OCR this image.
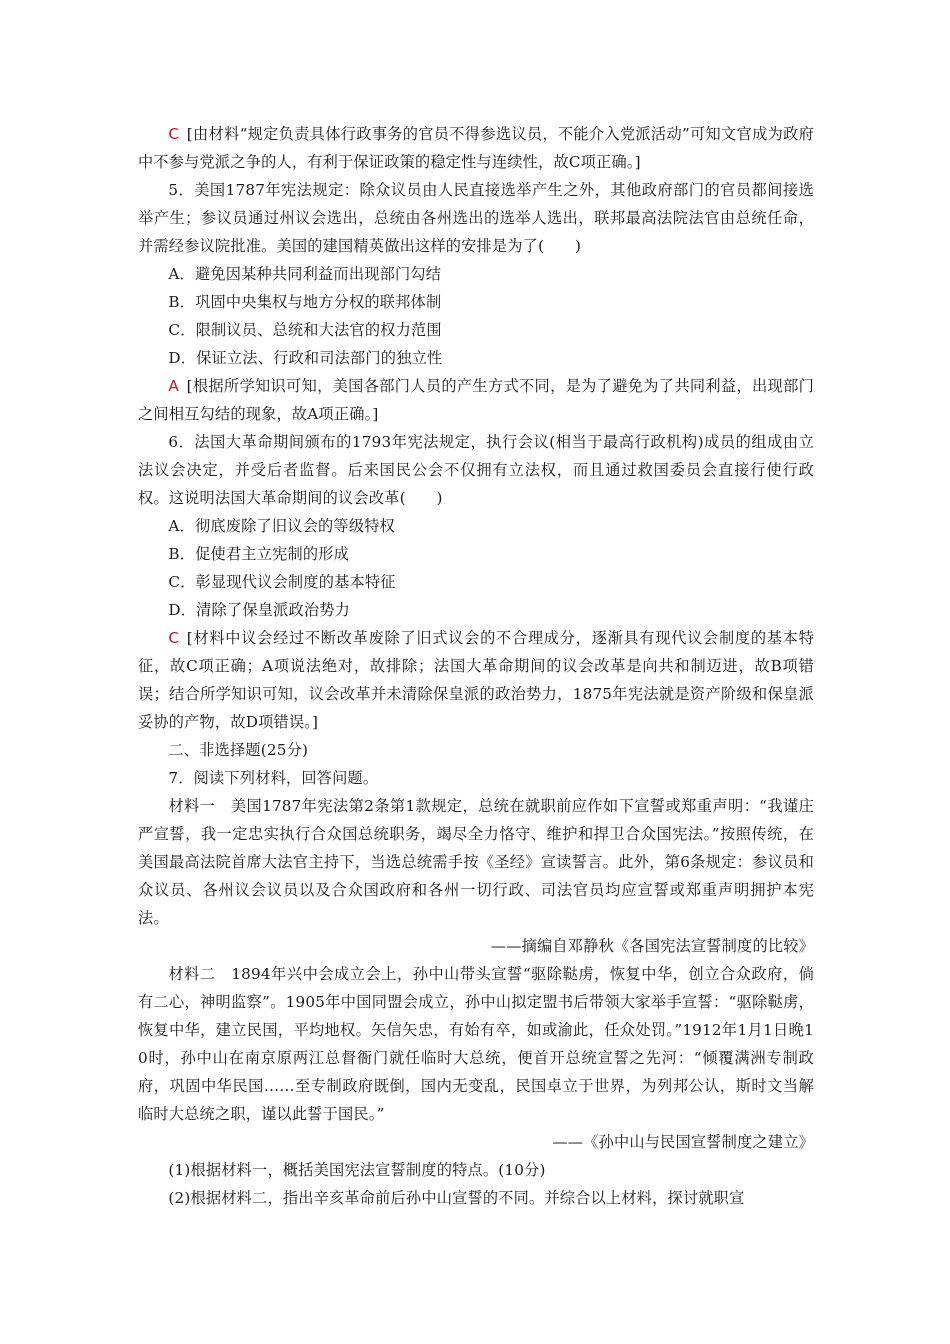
C [由材料“规定负责具体行政事务的官员不得参选议员，不能介入党派活动”可知文官成为政府中不参与党派之争的人，有利于保证政策的稳定性与连续性，故C项正确。]

5．美国1787年宪法规定：除众议员由人民直接选举产生之外，其他政府部门的官员都间接选举产生；参议员通过州议会选出，总统由各州选出的选举人选出，联邦最高法院法官由总统任命，并需经参议院批准。美国的建国精英做出这样的安排是为了(　　)

A．避免因某种共同利益而出现部门勾结

B．巩固中央集权与地方分权的联邦体制

C．限制议员、总统和大法官的权力范围

D．保证立法、行政和司法部门的独立性

A [根据所学知识可知，美国各部门人员的产生方式不同，是为了避免为了共同利益，出现部门之间相互勾结的现象，故A项正确。]

6．法国大革命期间颁布的1793年宪法规定，执行会议(相当于最高行政机构)成员的组成由立法议会决定，并受后者监督。后来国民公会不仅拥有立法权，而且通过救国委员会直接行使行政权。这说明法国大革命期间的议会改革(　　)

A．彻底废除了旧议会的等级特权

B．促使君主立宪制的形成

C．彰显现代议会制度的基本特征

D．清除了保皇派政治势力

C [材料中议会经过不断改革废除了旧式议会的不合理成分，逐渐具有现代议会制度的基本特征，故C项正确；A项说法绝对，故排除；法国大革命期间的议会改革是向共和制迈进，故B项错误；结合所学知识可知，议会改革并未清除保皇派的政治势力，1875年宪法就是资产阶级和保皇派妥协的产物，故D项错误。]

二、非选择题(25分)

7．阅读下列材料，回答问题。

材料一　美国1787年宪法第2条第1款规定，总统在就职前应作如下宣誓或郑重声明：“我谨庄严宣誓，我一定忠实执行合众国总统职务，竭尽全力恪守、维护和捍卫合众国宪法。”按照传统，在美国最高法院首席大法官主持下，当选总统需手按《圣经》宣读誓言。此外，第6条规定：参议员和众议员、各州议会议员以及合众国政府和各州一切行政、司法官员均应宣誓或郑重声明拥护本宪法。

——摘编自邓静秋《各国宪法宣誓制度的比较》

材料二　1894年兴中会成立会上，孙中山带头宣誓“驱除鞑虏，恢复中华，创立合众政府，倘有二心，神明监察”。1905年中国同盟会成立，孙中山拟定盟书后带领大家举手宣誓：“驱除鞑虏，恢复中华，建立民国，平均地权。矢信矢忠，有始有卒，如或渝此，任众处罚。”1912年1月1日晚10时，孙中山在南京原两江总督衙门就任临时大总统，便首开总统宣誓之先河：“倾覆满洲专制政府，巩固中华民国……至专制政府既倒，国内无变乱，民国卓立于世界，为列邦公认，斯时文当解临时大总统之职，谨以此誓于国民。”

——《孙中山与民国宣誓制度之建立》

(1)根据材料一，概括美国宪法宣誓制度的特点。(10分)

(2)根据材料二，指出辛亥革命前后孙中山宣誓的不同。并综合以上材料，探讨就职宣
